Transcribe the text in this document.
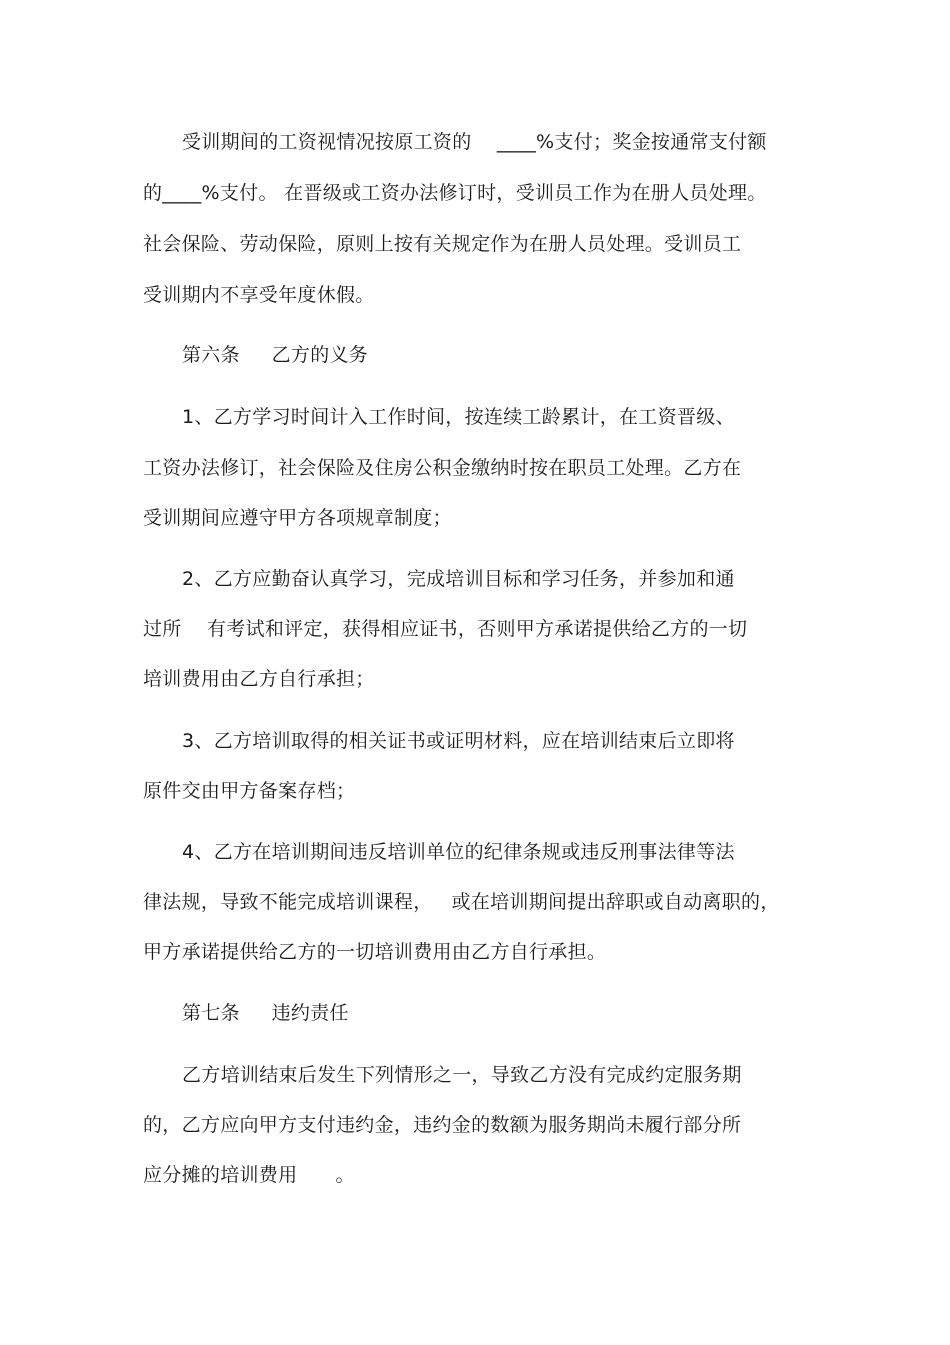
受训期间的工资视情况按原工资的    ____%支付；奖金按通常支付额
的____%支付。 在晋级或工资办法修订时，受训员工作为在册人员处理。
社会保险、劳动保险，原则上按有关规定作为在册人员处理。受训员工
受训期内不享受年度休假。
第六条     乙方的义务
1、乙方学习时间计入工作时间，按连续工龄累计，在工资晋级、
工资办法修订，社会保险及住房公积金缴纳时按在职员工处理。乙方在
受训期间应遵守甲方各项规章制度；
2、乙方应勤奋认真学习，完成培训目标和学习任务，并参加和通
过所    有考试和评定，获得相应证书，否则甲方承诺提供给乙方的一切
培训费用由乙方自行承担；
3、乙方培训取得的相关证书或证明材料，应在培训结束后立即将
原件交由甲方备案存档；
4、乙方在培训期间违反培训单位的纪律条规或违反刑事法律等法
律法规，导致不能完成培训课程，   或在培训期间提出辞职或自动离职的，
甲方承诺提供给乙方的一切培训费用由乙方自行承担。
第七条     违约责任
乙方培训结束后发生下列情形之一，导致乙方没有完成约定服务期
的，乙方应向甲方支付违约金，违约金的数额为服务期尚未履行部分所
应分摊的培训费用      。
